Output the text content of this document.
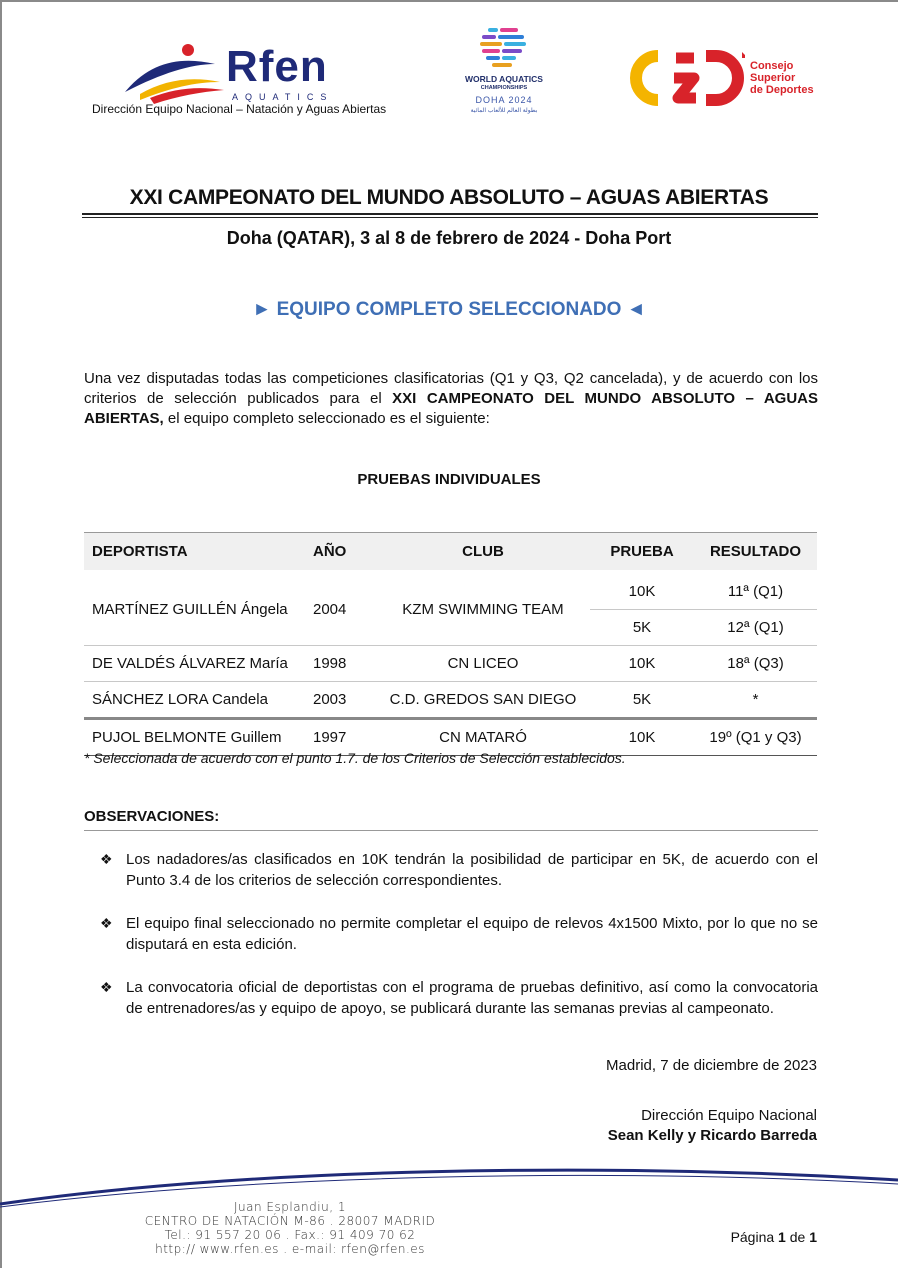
Rfen
AQUATICS
Dirección Equipo Nacional – Natación y Aguas Abiertas
WORLD AQUATICS
CHAMPIONSHIPS
DOHA 2024
بطولة العالم للألعاب المائية
Consejo
Superior
de Deportes
XXI CAMPEONATO DEL MUNDO ABSOLUTO – AGUAS ABIERTAS
Doha (QATAR), 3 al 8 de febrero de 2024 - Doha Port
► EQUIPO COMPLETO SELECCIONADO ◄
Una vez disputadas todas las competiciones clasificatorias (Q1 y Q3, Q2 cancelada), y de acuerdo con los criterios de selección publicados para el XXI CAMPEONATO DEL MUNDO ABSOLUTO – AGUAS ABIERTAS, el equipo completo seleccionado es el siguiente:
PRUEBAS INDIVIDUALES
DEPORTISTA	AÑO	CLUB	PRUEBA	RESULTADO

MARTÍNEZ GUILLÉN Ángela	2004	KZM SWIMMING TEAM	10K	11ª (Q1)
			5K	12ª (Q1)
DE VALDÉS ÁLVAREZ María	1998	CN LICEO	10K	18ª (Q3)
SÁNCHEZ LORA Candela	2003	C.D. GREDOS SAN DIEGO	5K	*
PUJOL BELMONTE Guillem	1997	CN MATARÓ	10K	19º (Q1 y Q3)
* Seleccionada de acuerdo con el punto 1.7. de los Criterios de Selección establecidos.
OBSERVACIONES:
❖ Los nadadores/as clasificados en 10K tendrán la posibilidad de participar en 5K, de acuerdo con el Punto 3.4 de los criterios de selección correspondientes.
❖ El equipo final seleccionado no permite completar el equipo de relevos 4x1500 Mixto, por lo que no se disputará en esta edición.
❖ La convocatoria oficial de deportistas con el programa de pruebas definitivo, así como la convocatoria de entrenadores/as y equipo de apoyo, se publicará durante las semanas previas al campeonato.
Madrid, 7 de diciembre de 2023
Dirección Equipo Nacional
Sean Kelly y Ricardo Barreda
Juan Esplandiu, 1
CENTRO DE NATACIÓN M-86 . 28007 MADRID
Tel.: 91 557 20 06 . Fax.: 91 409 70 62
http:// www.rfen.es . e-mail: rfen@rfen.es
Página 1 de 1
